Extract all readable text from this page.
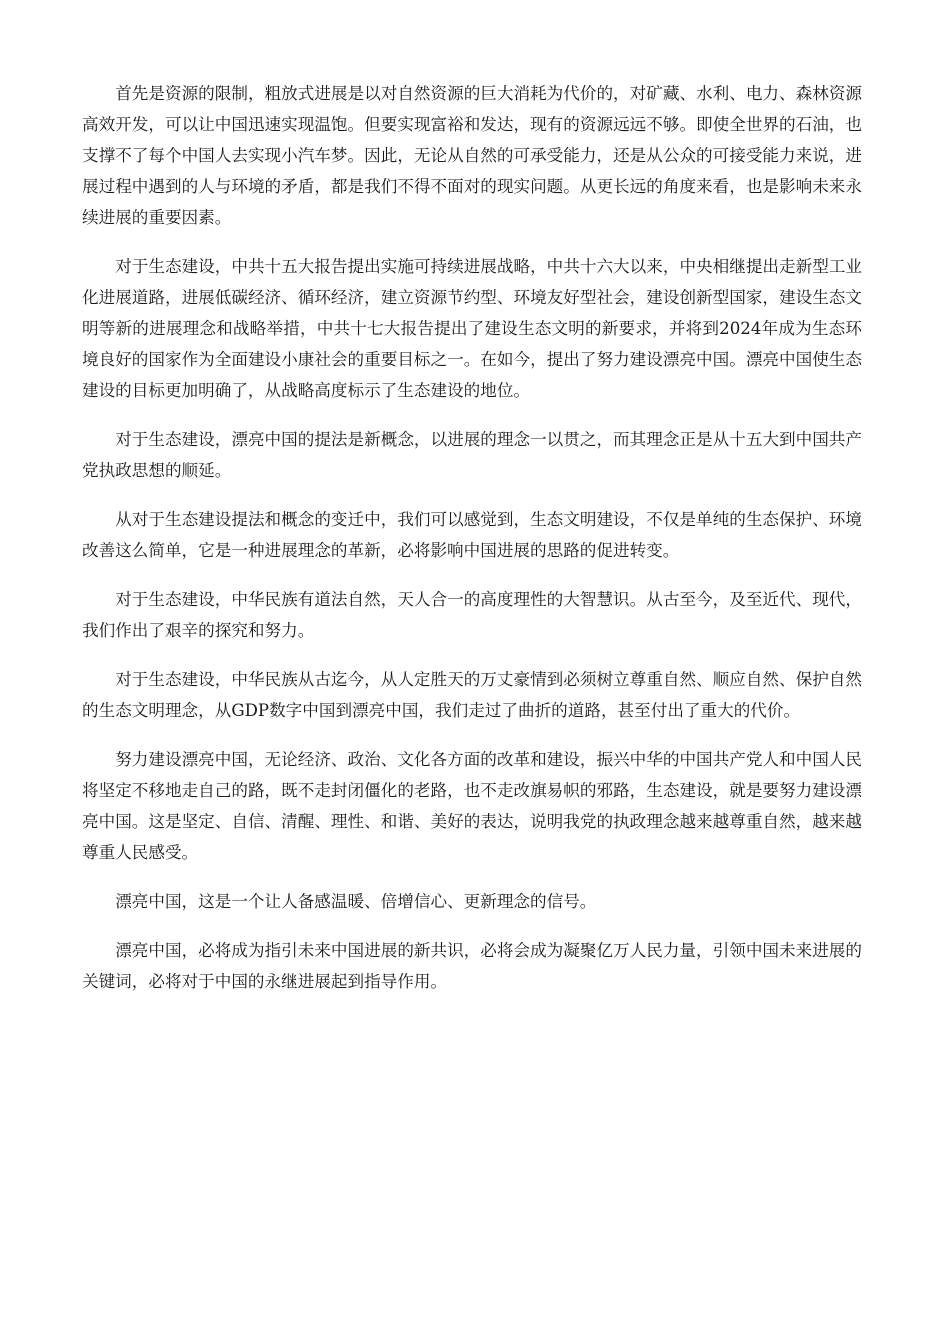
首先是资源的限制，粗放式进展是以对自然资源的巨大消耗为代价的，对矿藏、水利、电力、森林资源高效开发，可以让中国迅速实现温饱。但要实现富裕和发达，现有的资源远远不够。即使全世界的石油，也支撑不了每个中国人去实现小汽车梦。因此，无论从自然的可承受能力，还是从公众的可接受能力来说，进展过程中遇到的人与环境的矛盾，都是我们不得不面对的现实问题。从更长远的角度来看，也是影响未来永续进展的重要因素。

对于生态建设，中共十五大报告提出实施可持续进展战略，中共十六大以来，中央相继提出走新型工业化进展道路，进展低碳经济、循环经济，建立资源节约型、环境友好型社会，建设创新型国家，建设生态文明等新的进展理念和战略举措，中共十七大报告提出了建设生态文明的新要求，并将到2024年成为生态环境良好的国家作为全面建设小康社会的重要目标之一。在如今，提出了努力建设漂亮中国。漂亮中国使生态建设的目标更加明确了，从战略高度标示了生态建设的地位。

对于生态建设，漂亮中国的提法是新概念，以进展的理念一以贯之，而其理念正是从十五大到中国共产党执政思想的顺延。

从对于生态建设提法和概念的变迁中，我们可以感觉到，生态文明建设，不仅是单纯的生态保护、环境改善这么简单，它是一种进展理念的革新，必将影响中国进展的思路的促进转变。

对于生态建设，中华民族有道法自然，天人合一的高度理性的大智慧识。从古至今，及至近代、现代，我们作出了艰辛的探究和努力。

对于生态建设，中华民族从古迄今，从人定胜天的万丈豪情到必须树立尊重自然、顺应自然、保护自然的生态文明理念，从GDP数字中国到漂亮中国，我们走过了曲折的道路，甚至付出了重大的代价。

努力建设漂亮中国，无论经济、政治、文化各方面的改革和建设，振兴中华的中国共产党人和中国人民将坚定不移地走自己的路，既不走封闭僵化的老路，也不走改旗易帜的邪路，生态建设，就是要努力建设漂亮中国。这是坚定、自信、清醒、理性、和谐、美好的表达，说明我党的执政理念越来越尊重自然，越来越尊重人民感受。

漂亮中国，这是一个让人备感温暖、倍增信心、更新理念的信号。

漂亮中国，必将成为指引未来中国进展的新共识，必将会成为凝聚亿万人民力量，引领中国未来进展的关键词，必将对于中国的永继进展起到指导作用。
